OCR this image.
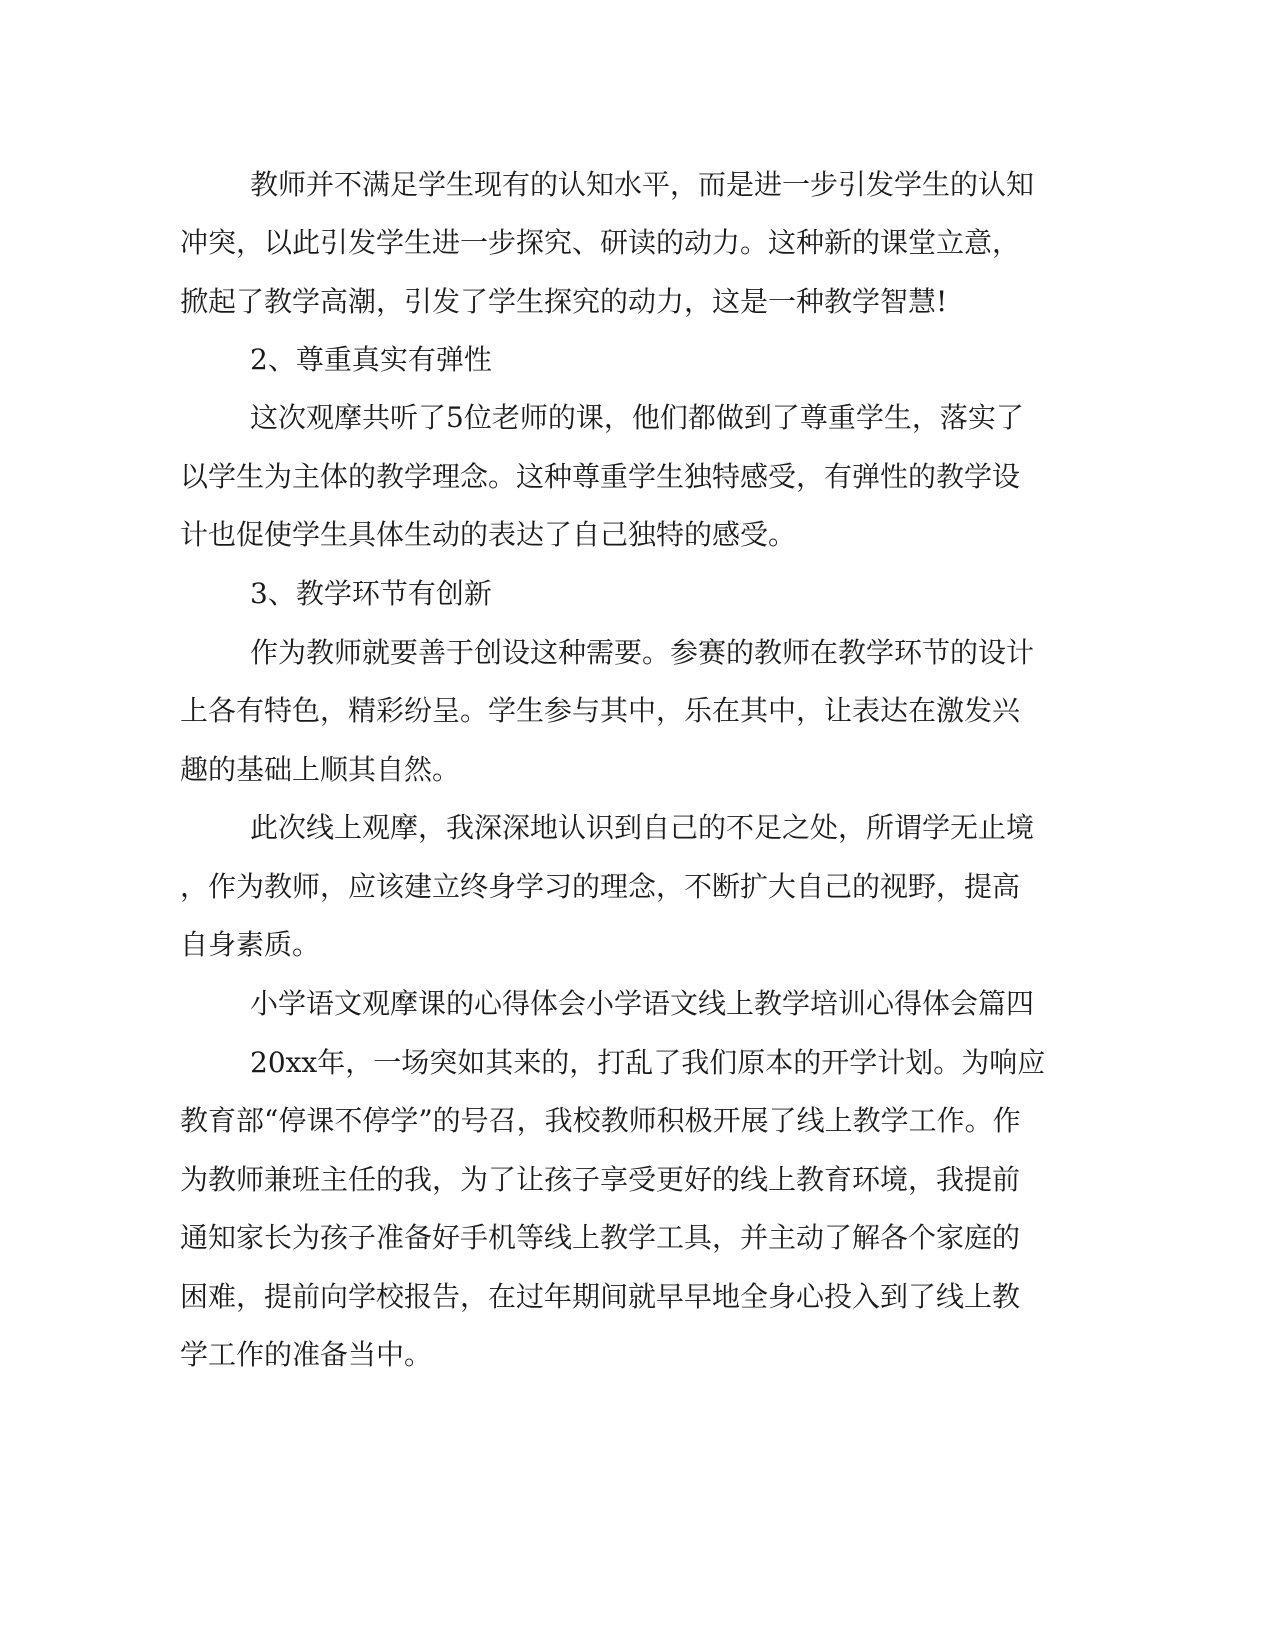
教师并不满足学生现有的认知水平，而是进一步引发学生的认知

冲突，以此引发学生进一步探究、研读的动力。这种新的课堂立意，

掀起了教学高潮，引发了学生探究的动力，这是一种教学智慧!

2、尊重真实有弹性

这次观摩共听了5位老师的课，他们都做到了尊重学生，落实了

以学生为主体的教学理念。这种尊重学生独特感受，有弹性的教学设

计也促使学生具体生动的表达了自己独特的感受。

3、教学环节有创新

作为教师就要善于创设这种需要。参赛的教师在教学环节的设计

上各有特色，精彩纷呈。学生参与其中，乐在其中，让表达在激发兴

趣的基础上顺其自然。

此次线上观摩，我深深地认识到自己的不足之处，所谓学无止境

，作为教师，应该建立终身学习的理念，不断扩大自己的视野，提高

自身素质。

小学语文观摩课的心得体会小学语文线上教学培训心得体会篇四

20xx年，一场突如其来的，打乱了我们原本的开学计划。为响应

教育部“停课不停学”的号召，我校教师积极开展了线上教学工作。作

为教师兼班主任的我，为了让孩子享受更好的线上教育环境，我提前

通知家长为孩子准备好手机等线上教学工具，并主动了解各个家庭的

困难，提前向学校报告，在过年期间就早早地全身心投入到了线上教

学工作的准备当中。
